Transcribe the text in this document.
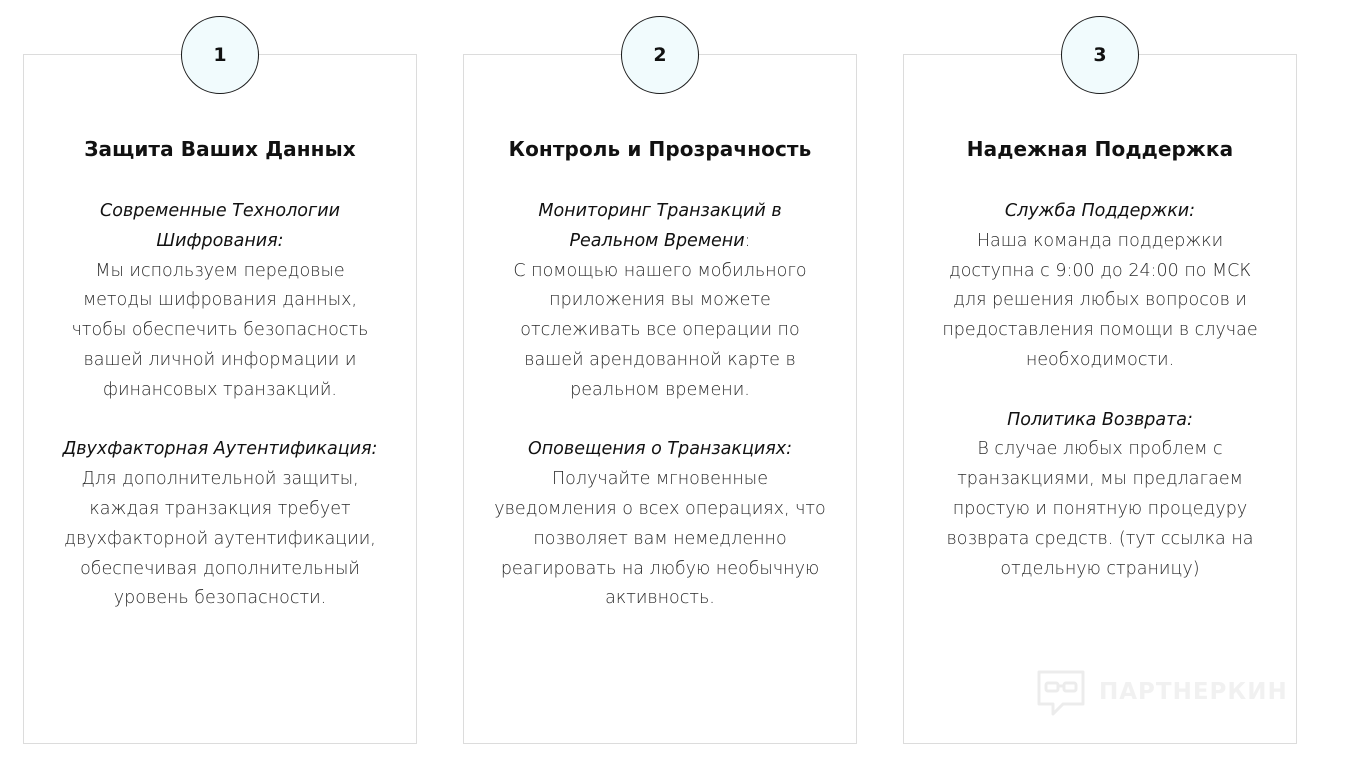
Защита Ваших Данных
Современные Технологии Шифрования:
Мы используем передовые методы шифрования данных, чтобы обеспечить безопасность вашей личной информации и финансовых транзакций.
Двухфакторная Аутентификация:
Для дополнительной защиты, каждая транзакция требует двухфакторной аутентификации, обеспечивая дополнительный уровень безопасности.
Контроль и Прозрачность
Мониторинг Транзакций в Реальном Времени:
С помощью нашего мобильного приложения вы можете отслеживать все операции по вашей арендованной карте в реальном времени.
Оповещения о Транзакциях:
Получайте мгновенные уведомления о всех операциях, что позволяет вам немедленно реагировать на любую необычную активность.
Надежная Поддержка
Служба Поддержки:
Наша команда поддержки доступна с 9:00 до 24:00 по МСК для решения любых вопросов и предоставления помощи в случае необходимости.
Политика Возврата:
В случае любых проблем с транзакциями, мы предлагаем простую и понятную процедуру возврата средств. (тут ссылка на отдельную страницу)
1	2	3
ПАРТНЕРКИН
